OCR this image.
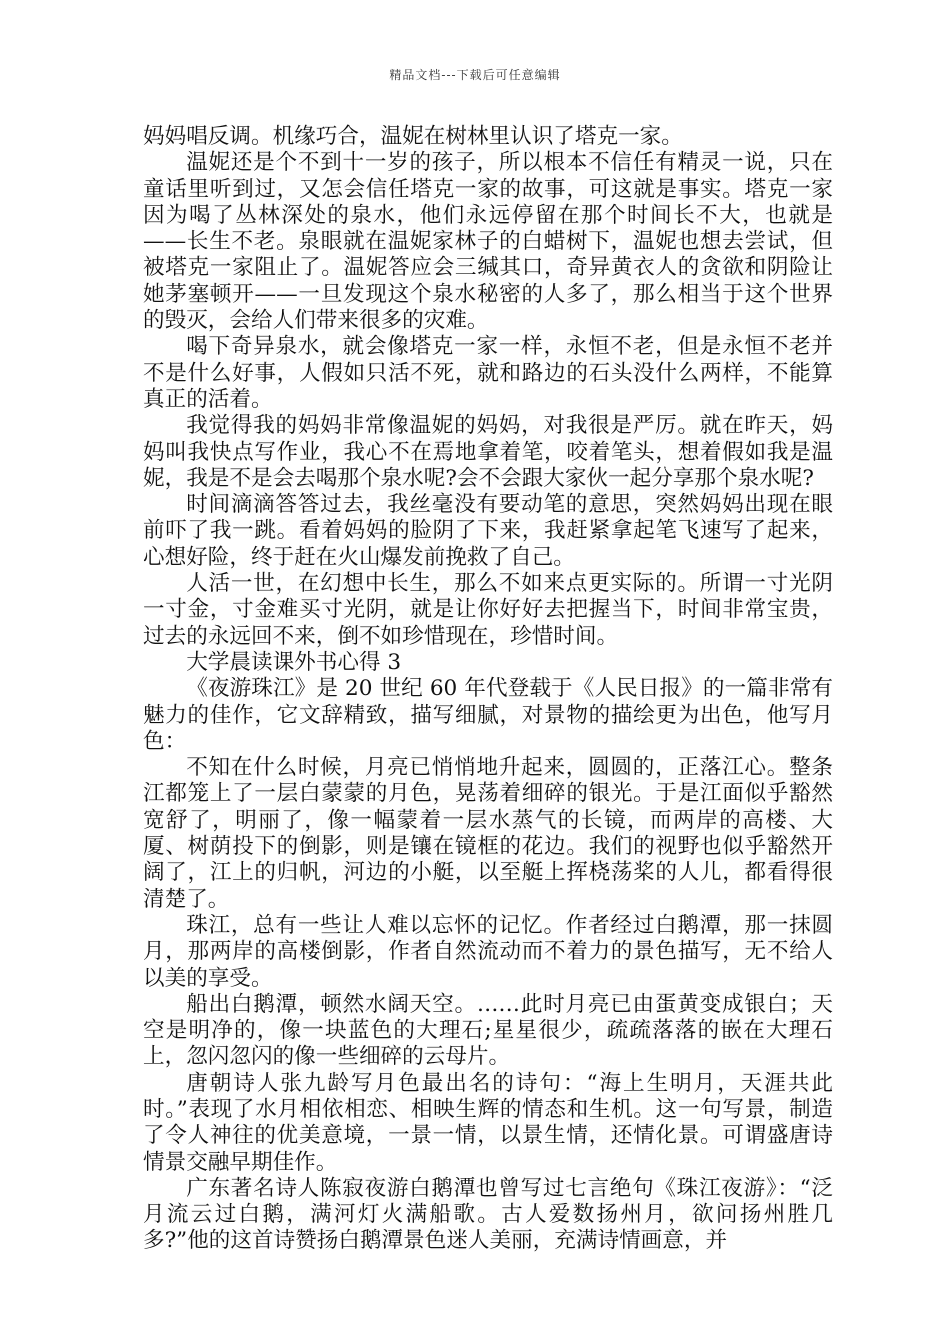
精品文档---下载后可任意编辑

妈妈唱反调。机缘巧合，温妮在树林里认识了塔克一家。

温妮还是个不到十一岁的孩子，所以根本不信任有精灵一说，只在童话里听到过，又怎会信任塔克一家的故事，可这就是事实。塔克一家因为喝了丛林深处的泉水，他们永远停留在那个时间长不大，也就是——长生不老。泉眼就在温妮家林子的白蜡树下，温妮也想去尝试，但被塔克一家阻止了。温妮答应会三缄其口，奇异黄衣人的贪欲和阴险让她茅塞顿开——一旦发现这个泉水秘密的人多了，那么相当于这个世界的毁灭，会给人们带来很多的灾难。

喝下奇异泉水，就会像塔克一家一样，永恒不老，但是永恒不老并不是什么好事，人假如只活不死，就和路边的石头没什么两样，不能算真正的活着。

我觉得我的妈妈非常像温妮的妈妈，对我很是严厉。就在昨天，妈妈叫我快点写作业，我心不在焉地拿着笔，咬着笔头，想着假如我是温妮，我是不是会去喝那个泉水呢?会不会跟大家伙一起分享那个泉水呢?

时间滴滴答答过去，我丝毫没有要动笔的意思，突然妈妈出现在眼前吓了我一跳。看着妈妈的脸阴了下来，我赶紧拿起笔飞速写了起来，心想好险，终于赶在火山爆发前挽救了自己。

人活一世，在幻想中长生，那么不如来点更实际的。所谓一寸光阴一寸金，寸金难买寸光阴，就是让你好好去把握当下，时间非常宝贵，过去的永远回不来，倒不如珍惜现在，珍惜时间。

大学晨读课外书心得 3

《夜游珠江》是 20 世纪 60 年代登载于《人民日报》的一篇非常有魅力的佳作，它文辞精致，描写细腻，对景物的描绘更为出色，他写月色：

不知在什么时候，月亮已悄悄地升起来，圆圆的，正落江心。整条江都笼上了一层白蒙蒙的月色，晃荡着细碎的银光。于是江面似乎豁然宽舒了，明丽了，像一幅蒙着一层水蒸气的长镜，而两岸的高楼、大厦、树荫投下的倒影，则是镶在镜框的花边。我们的视野也似乎豁然开阔了，江上的归帆，河边的小艇，以至艇上挥桡荡桨的人儿，都看得很清楚了。

珠江，总有一些让人难以忘怀的记忆。作者经过白鹅潭，那一抹圆月，那两岸的高楼倒影，作者自然流动而不着力的景色描写，无不给人以美的享受。

船出白鹅潭，顿然水阔天空。……此时月亮已由蛋黄变成银白；天空是明净的，像一块蓝色的大理石;星星很少，疏疏落落的嵌在大理石上，忽闪忽闪的像一些细碎的云母片。

唐朝诗人张九龄写月色最出名的诗句：“海上生明月，天涯共此时。”表现了水月相依相恋、相映生辉的情态和生机。这一句写景，制造了令人神往的优美意境，一景一情，以景生情，还情化景。可谓盛唐诗情景交融早期佳作。

广东著名诗人陈寂夜游白鹅潭也曾写过七言绝句《珠江夜游》：“泛月流云过白鹅，满河灯火满船歌。古人爱数扬州月，欲问扬州胜几多?”他的这首诗赞扬白鹅潭景色迷人美丽，充满诗情画意，并
